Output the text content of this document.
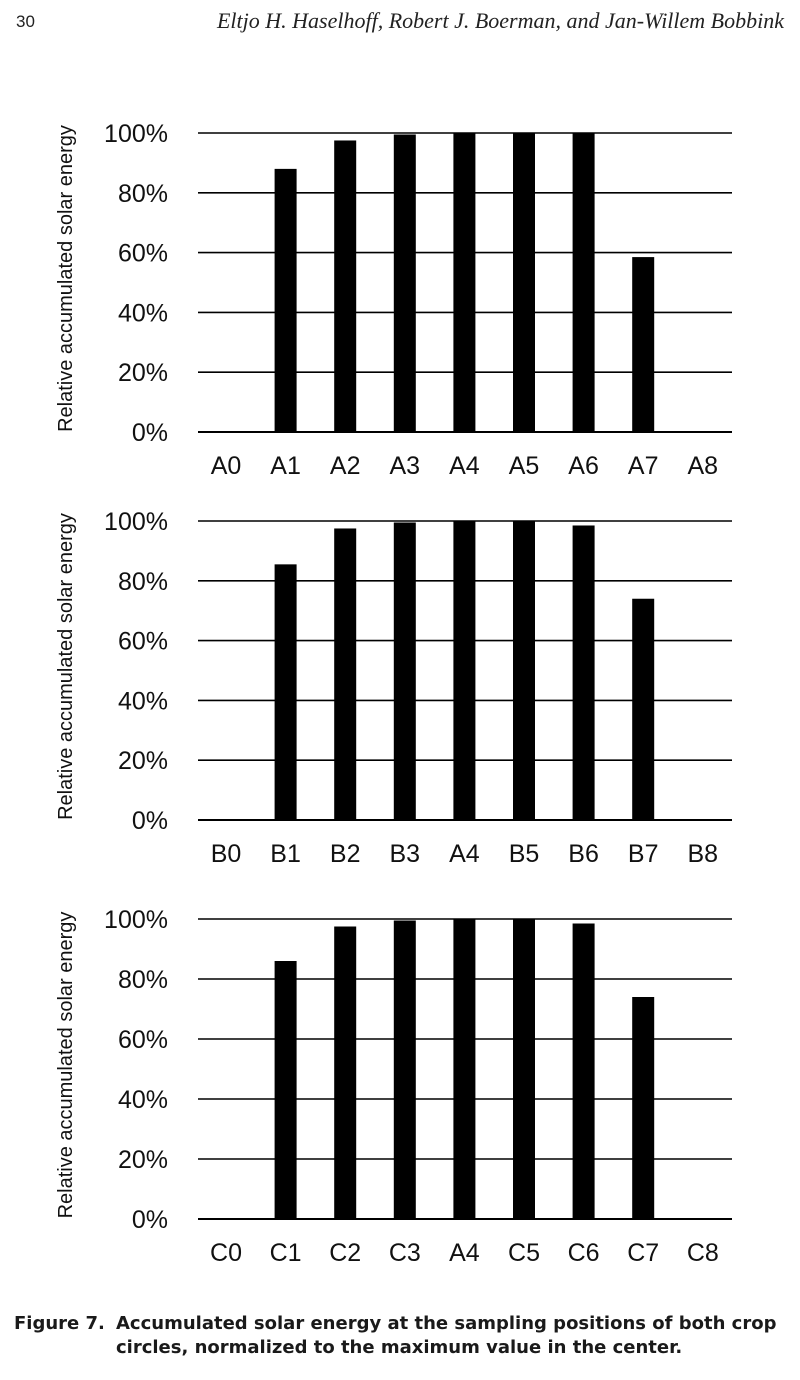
30	Eltjo H. Haselhoff, Robert J. Boerman, and Jan-Willem Bobbink
0%
20%
40%
60%
80%
100%
A0 A1 A2 A3 A4 A5 A6 A7 A8
Relative accumulated solar energy
0%
20%
40%
60%
80%
100%
B0 B1 B2 B3 A4 B5 B6 B7 B8
Relative accumulated solar energy
0%
20%
40%
60%
80%
100%
C0 C1 C2 C3 A4 C5 C6 C7 C8
Relative accumulated solar energy
Figure 7. Accumulated solar energy at the sampling positions of both crop
circles, normalized to the maximum value in the center.
